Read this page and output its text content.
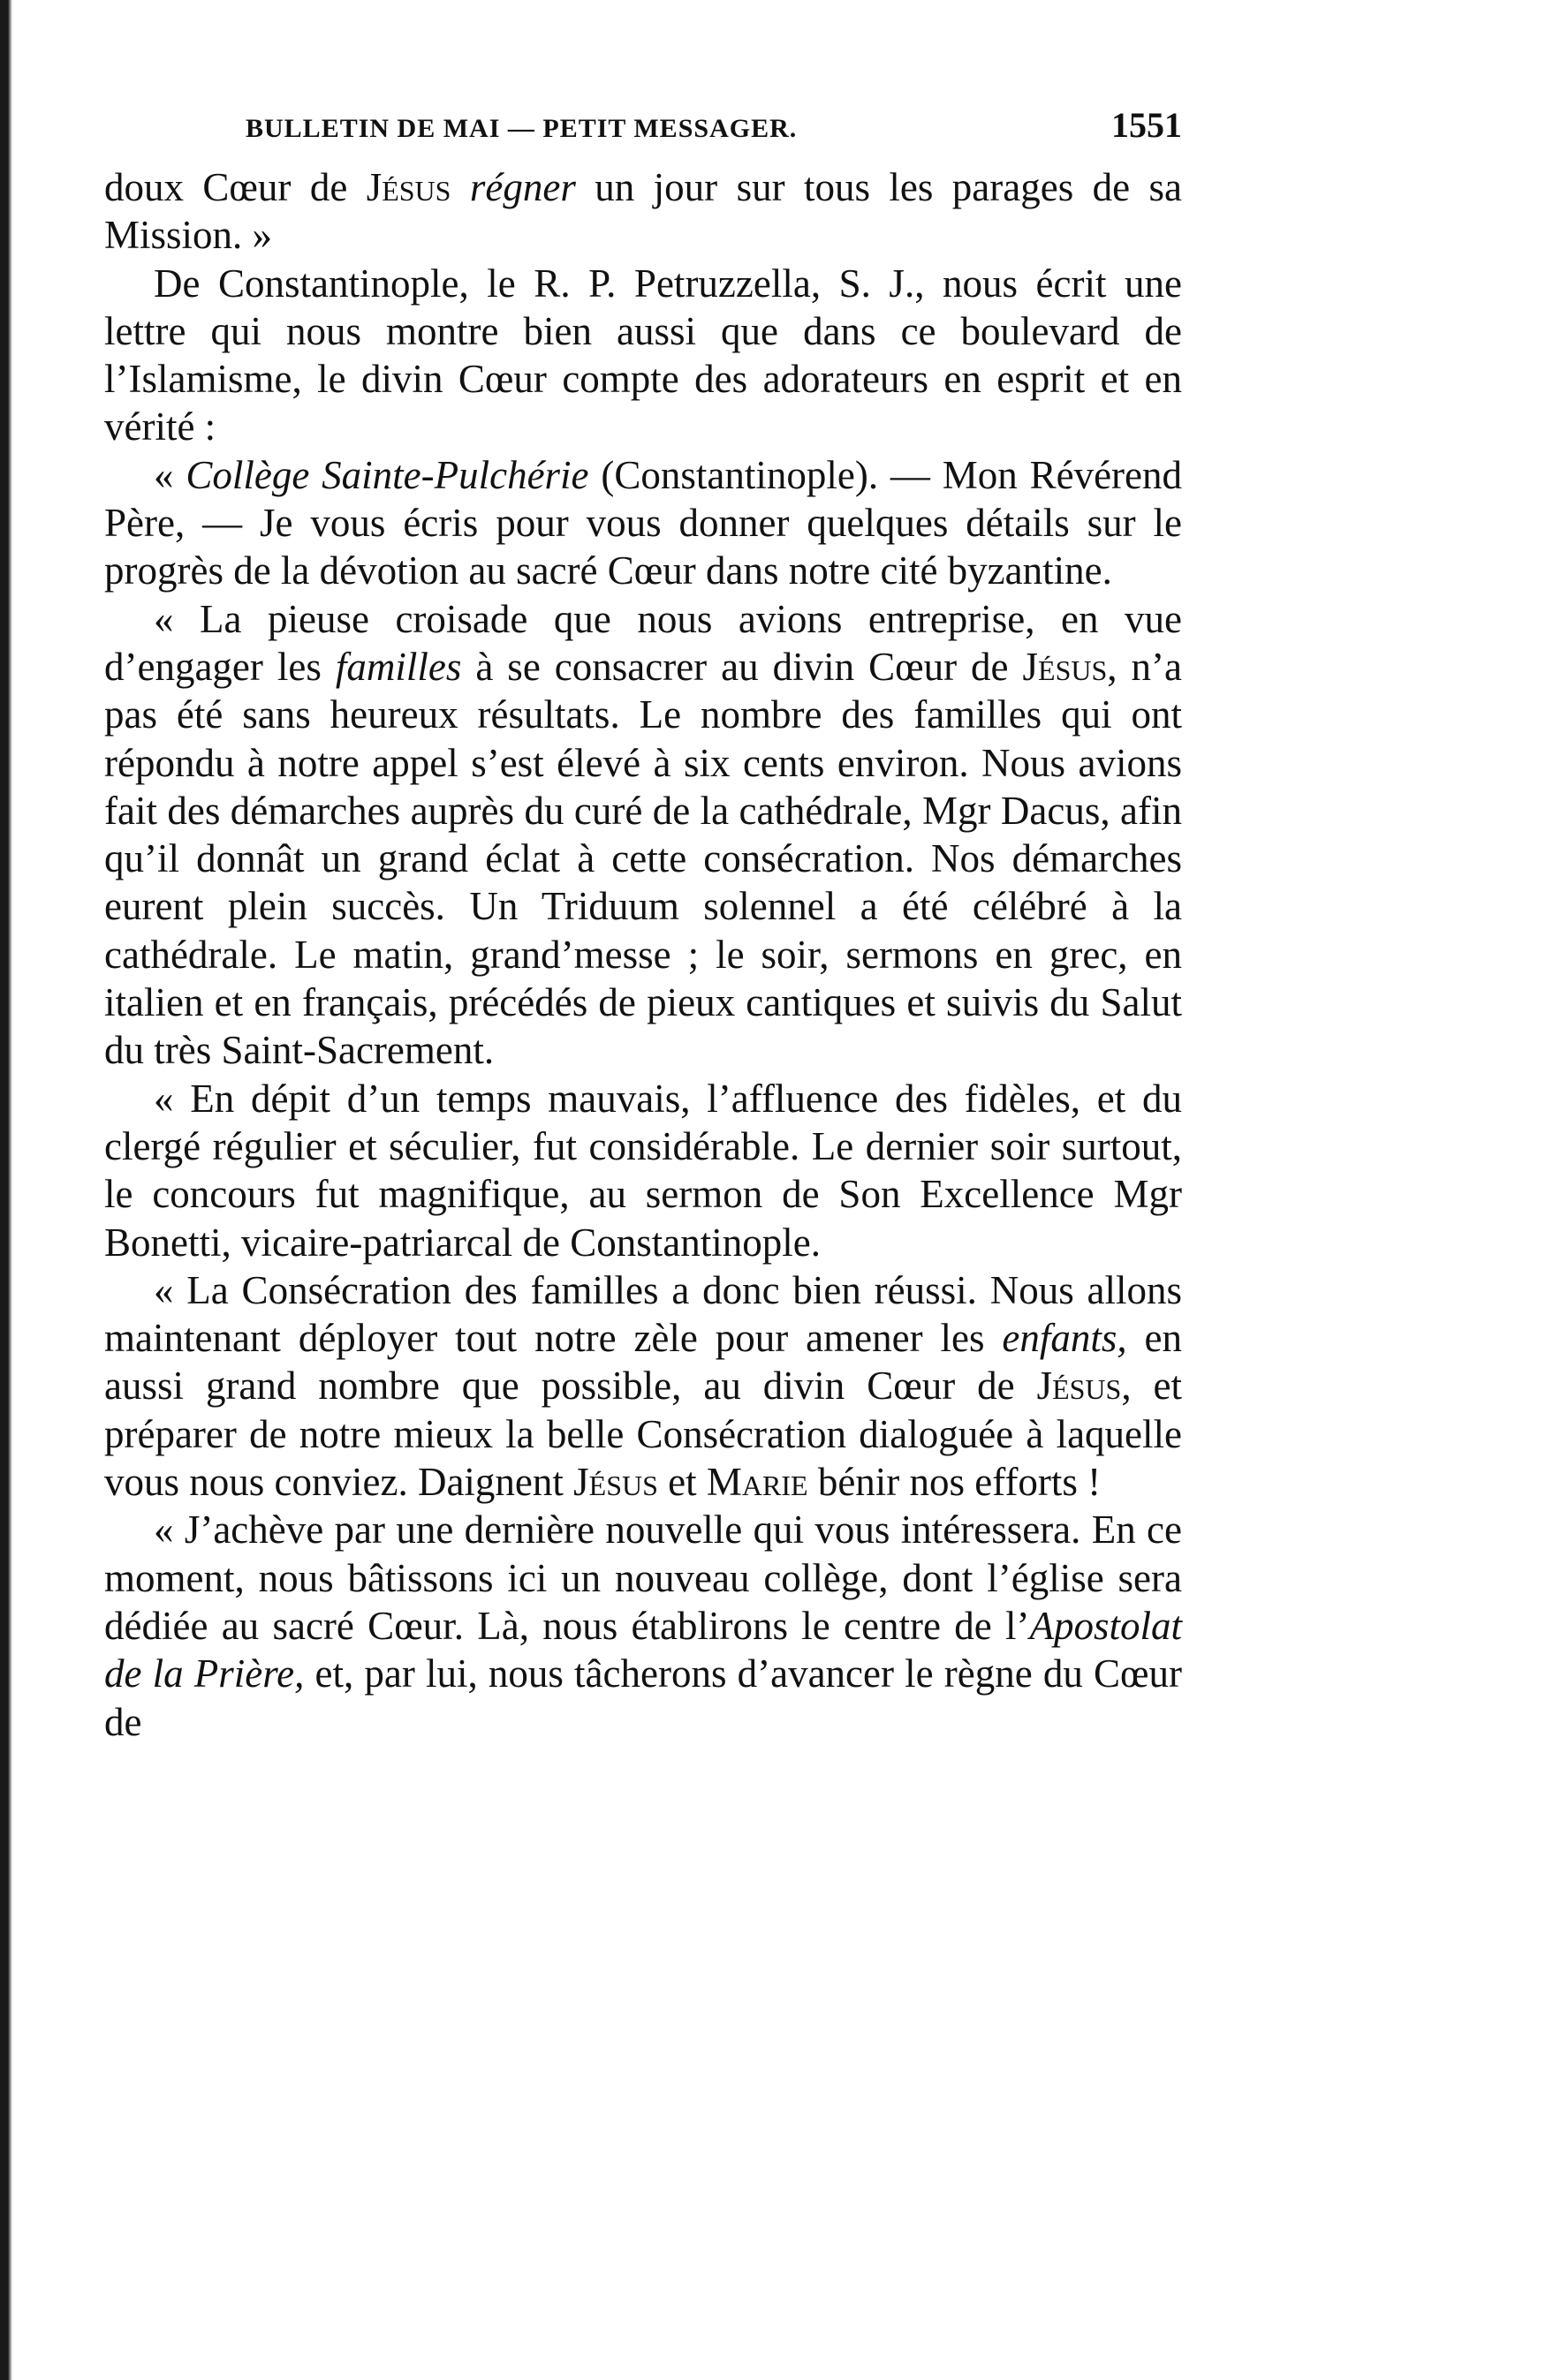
BULLETIN DE MAI — PETIT MESSAGER.	1551

doux Cœur de Jésus régner un jour sur tous les parages de sa Mission. »

De Constantinople, le R. P. Petruzzella, S. J., nous écrit une lettre qui nous montre bien aussi que dans ce boulevard de l’Islamisme, le divin Cœur compte des adorateurs en esprit et en vérité :

« Collège Sainte-Pulchérie (Constantinople). — Mon Révérend Père, — Je vous écris pour vous donner quelques détails sur le progrès de la dévotion au sacré Cœur dans notre cité byzantine.

« La pieuse croisade que nous avions entreprise, en vue d’engager les familles à se consacrer au divin Cœur de Jésus, n’a pas été sans heureux résultats. Le nombre des familles qui ont répondu à notre appel s’est élevé à six cents environ. Nous avions fait des démarches auprès du curé de la cathédrale, Mgr Dacus, afin qu’il donnât un grand éclat à cette consécration. Nos démarches eurent plein succès. Un Triduum solennel a été célébré à la cathédrale. Le matin, grand’messe ; le soir, sermons en grec, en italien et en français, précédés de pieux cantiques et suivis du Salut du très Saint-Sacrement.

« En dépit d’un temps mauvais, l’affluence des fidèles, et du clergé régulier et séculier, fut considérable. Le dernier soir surtout, le concours fut magnifique, au sermon de Son Excellence Mgr Bonetti, vicaire-patriarcal de Constantinople.

« La Consécration des familles a donc bien réussi. Nous allons maintenant déployer tout notre zèle pour amener les enfants, en aussi grand nombre que possible, au divin Cœur de Jésus, et préparer de notre mieux la belle Consécration dialoguée à laquelle vous nous conviez. Daignent Jésus et Marie bénir nos efforts !

« J’achève par une dernière nouvelle qui vous intéressera. En ce moment, nous bâtissons ici un nouveau collège, dont l’église sera dédiée au sacré Cœur. Là, nous établirons le centre de l’Apostolat de la Prière, et, par lui, nous tâcherons d’avancer le règne du Cœur de
